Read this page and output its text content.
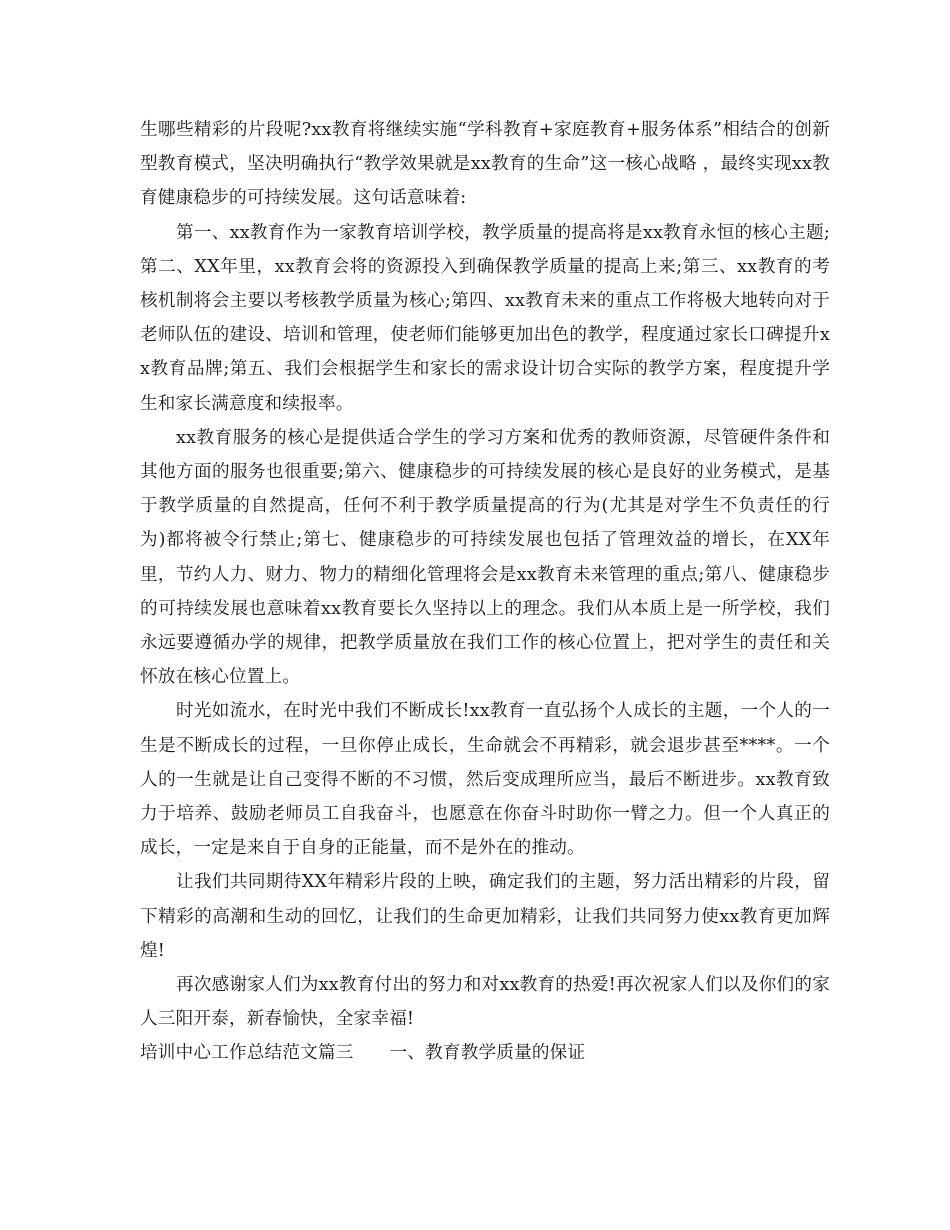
生哪些精彩的片段呢?xx教育将继续实施“学科教育+家庭教育+服务体系”相结合的创新型教育模式，坚决明确执行“教学效果就是xx教育的生命”这一核心战略 ，最终实现xx教育健康稳步的可持续发展。这句话意味着:

第一、xx教育作为一家教育培训学校，教学质量的提高将是xx教育永恒的核心主题;第二、XX年里，xx教育会将的资源投入到确保教学质量的提高上来;第三、xx教育的考核机制将会主要以考核教学质量为核心;第四、xx教育未来的重点工作将极大地转向对于老师队伍的建设、培训和管理，使老师们能够更加出色的教学，程度通过家长口碑提升xx教育品牌;第五、我们会根据学生和家长的需求设计切合实际的教学方案，程度提升学生和家长满意度和续报率。

xx教育服务的核心是提供适合学生的学习方案和优秀的教师资源，尽管硬件条件和其他方面的服务也很重要;第六、健康稳步的可持续发展的核心是良好的业务模式，是基于教学质量的自然提高，任何不利于教学质量提高的行为(尤其是对学生不负责任的行为)都将被令行禁止;第七、健康稳步的可持续发展也包括了管理效益的增长，在XX年里，节约人力、财力、物力的精细化管理将会是xx教育未来管理的重点;第八、健康稳步的可持续发展也意味着xx教育要长久坚持以上的理念。我们从本质上是一所学校，我们永远要遵循办学的规律，把教学质量放在我们工作的核心位置上，把对学生的责任和关怀放在核心位置上。

时光如流水，在时光中我们不断成长!xx教育一直弘扬个人成长的主题，一个人的一生是不断成长的过程，一旦你停止成长，生命就会不再精彩，就会退步甚至****。一个人的一生就是让自己变得不断的不习惯，然后变成理所应当，最后不断进步。xx教育致力于培养、鼓励老师员工自我奋斗，也愿意在你奋斗时助你一臂之力。但一个人真正的成长，一定是来自于自身的正能量，而不是外在的推动。

让我们共同期待XX年精彩片段的上映，确定我们的主题，努力活出精彩的片段，留下精彩的高潮和生动的回忆，让我们的生命更加精彩，让我们共同努力使xx教育更加辉煌!

再次感谢家人们为xx教育付出的努力和对xx教育的热爱!再次祝家人们以及你们的家人三阳开泰，新春愉快，全家幸福!

培训中心工作总结范文篇三 一、教育教学质量的保证
